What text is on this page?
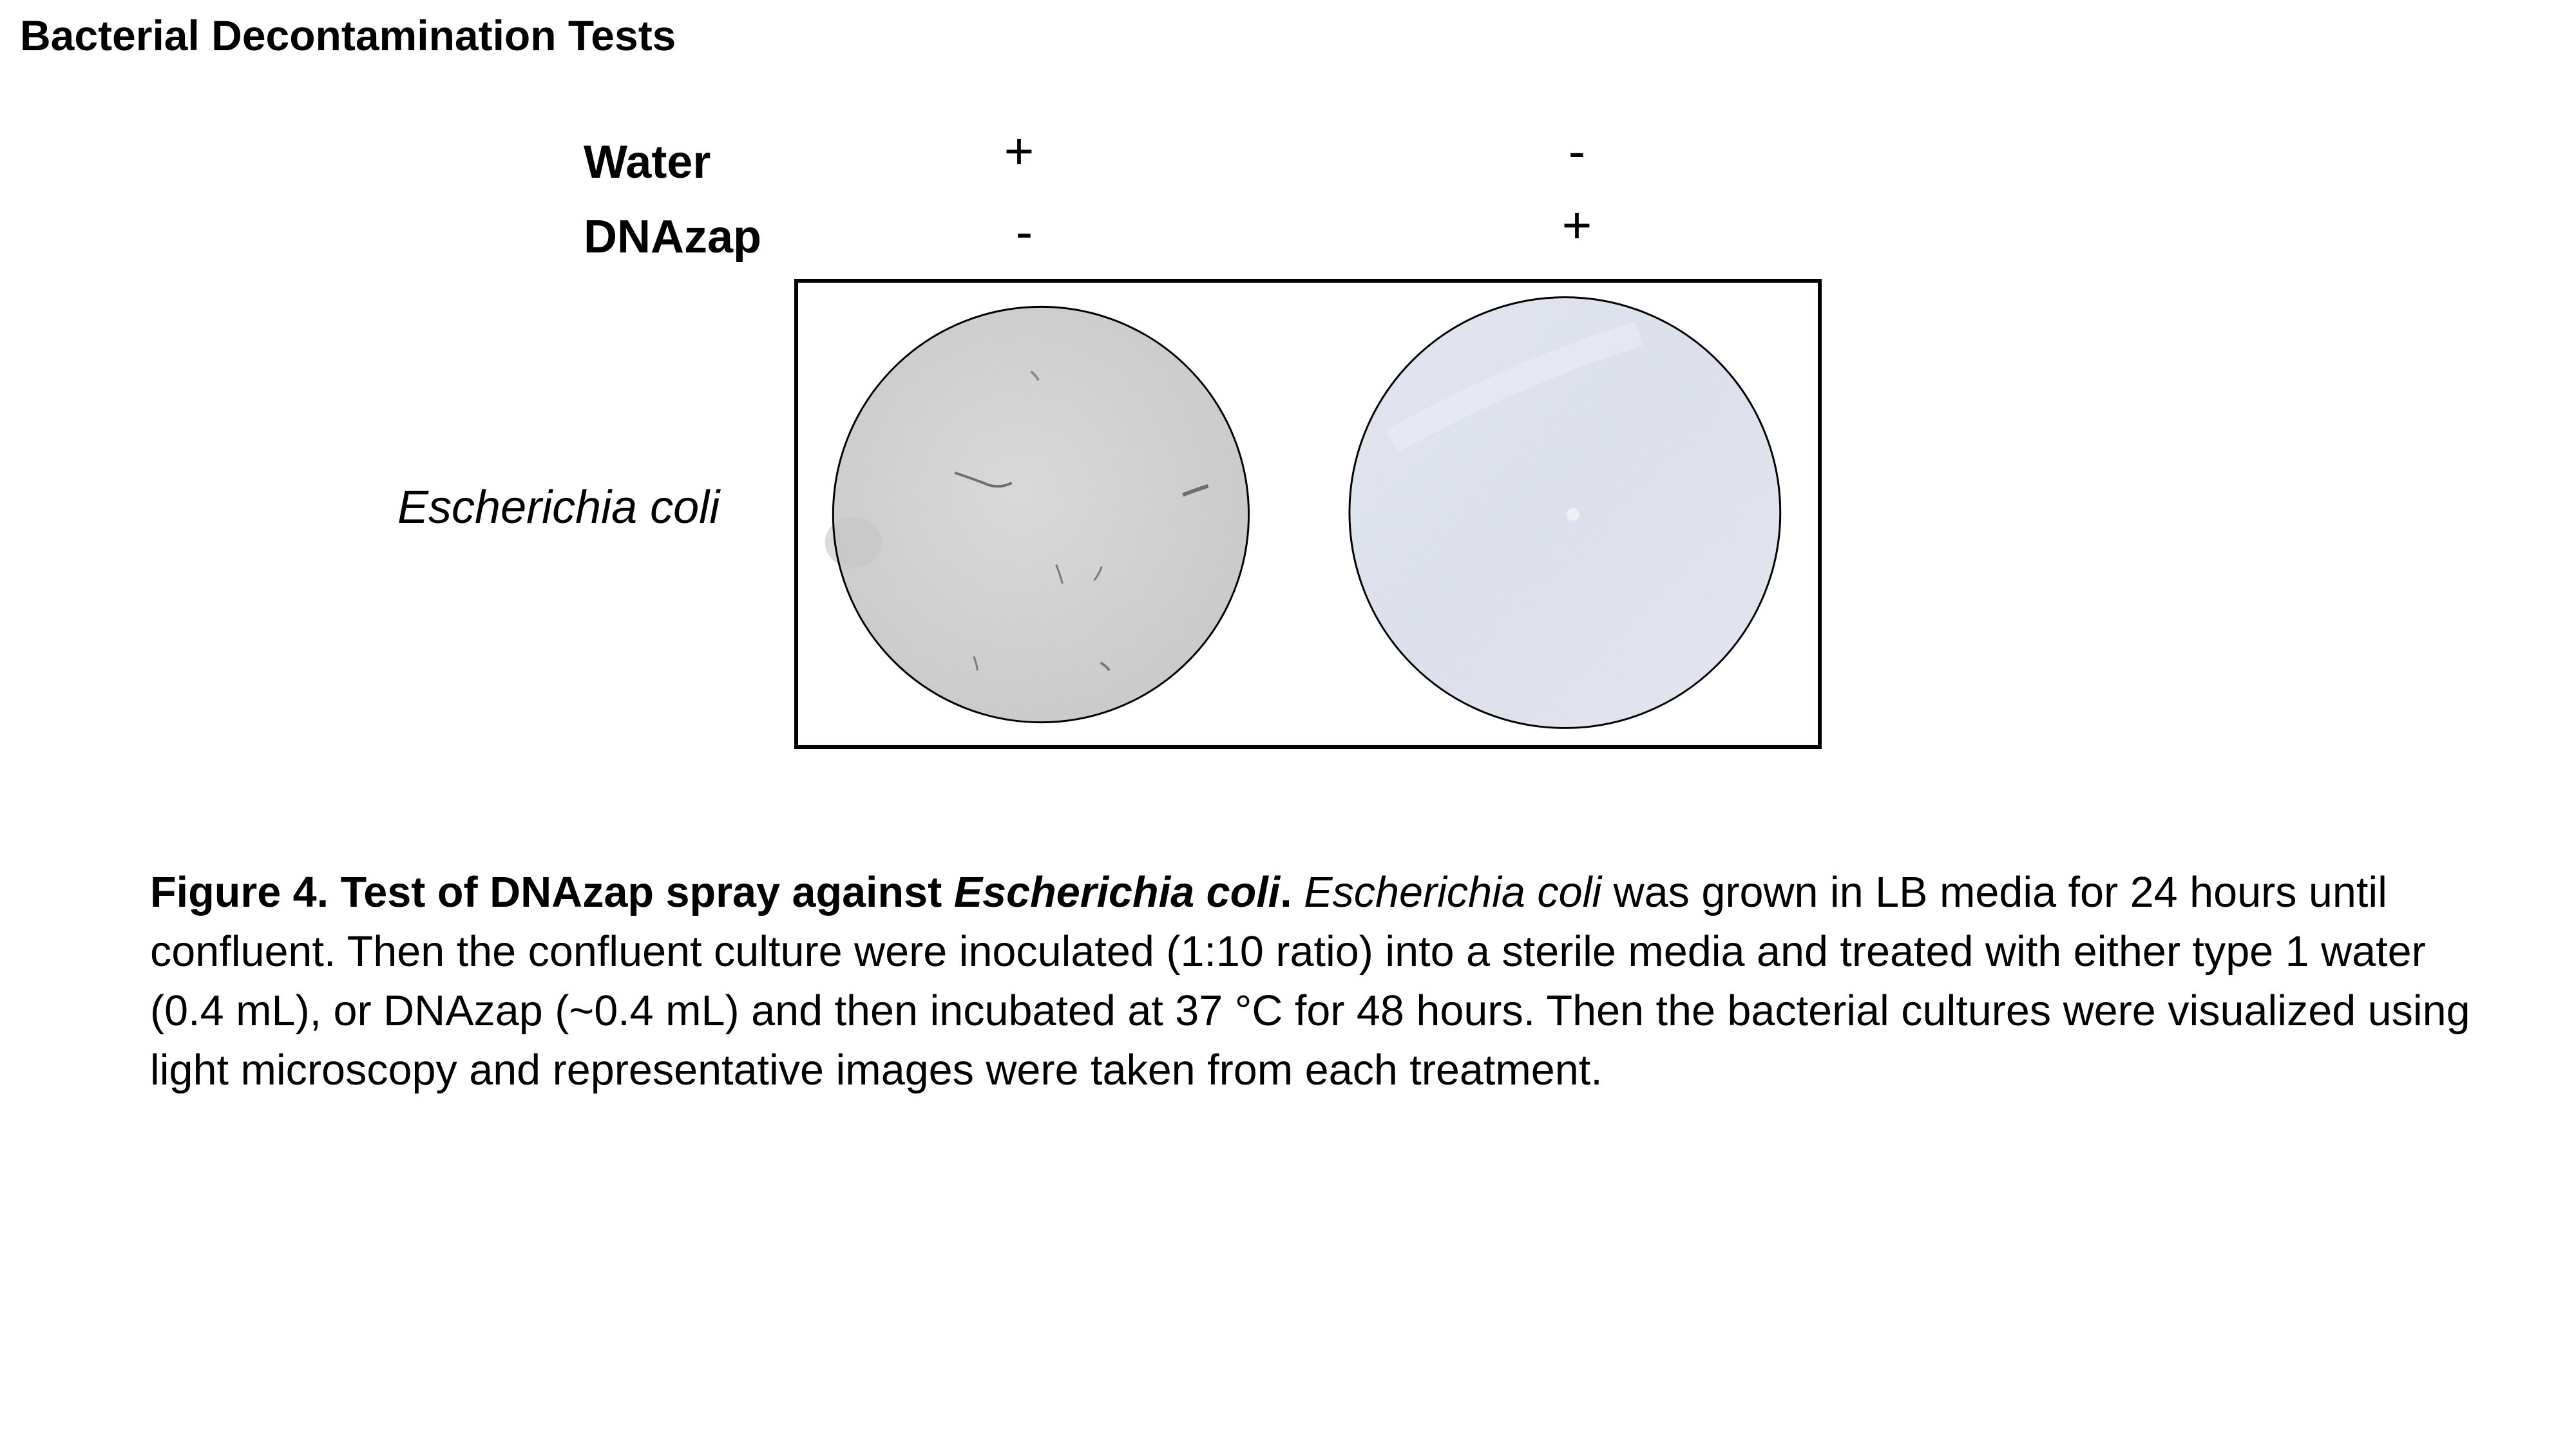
Bacterial Decontamination Tests
Water
DNAzap
+
-
-
+
Escherichia coli
Figure 4. Test of DNAzap spray against Escherichia coli. Escherichia coli was grown in LB media for 24 hours until confluent. Then the confluent culture were inoculated (1:10 ratio) into a sterile media and treated with either type 1 water (0.4 mL), or DNAzap (~0.4 mL) and then incubated at 37 °C for 48 hours. Then the bacterial cultures were visualized using light microscopy and representative images were taken from each treatment.
